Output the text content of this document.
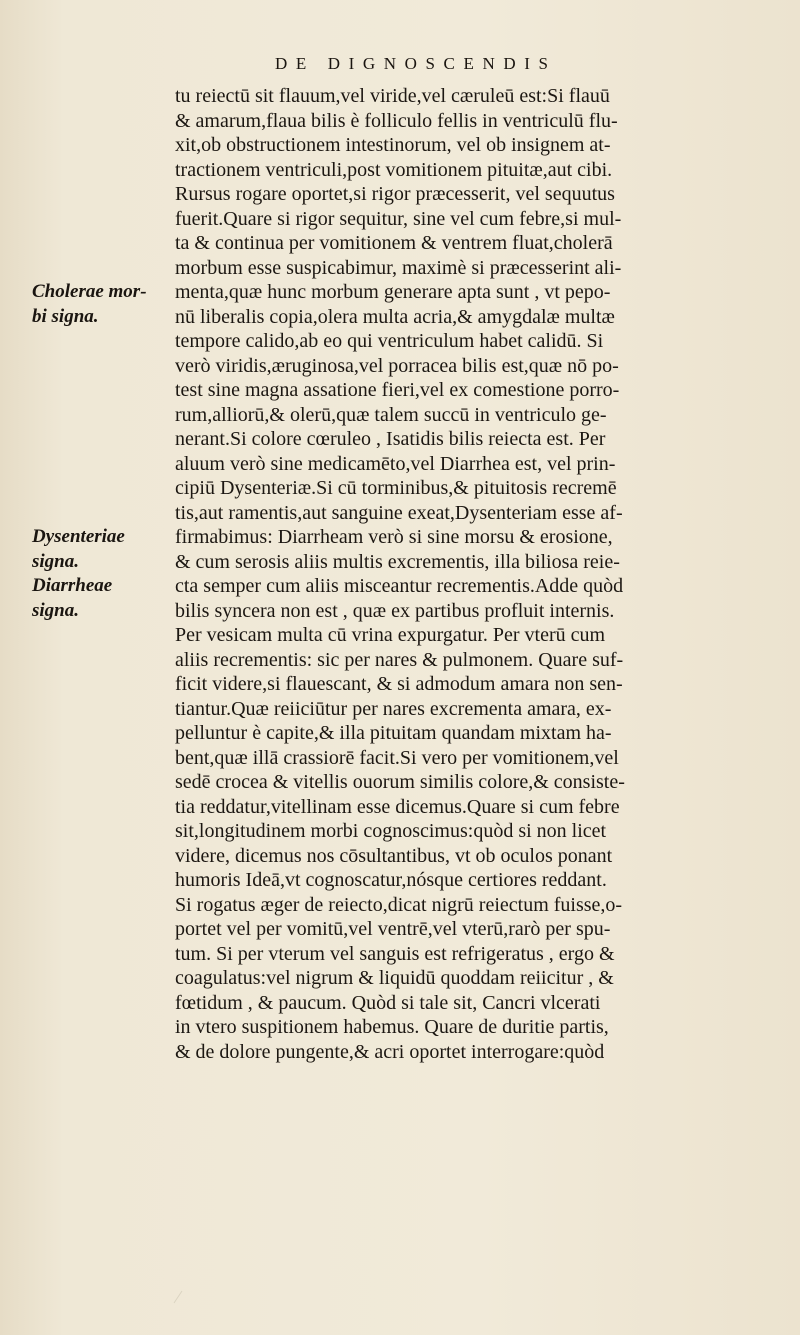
DE DIGNOSCENDIS
Cholerae mor-
bi signa.
Dysenteriae
signa.
Diarrheae
signa.
tu reiectū sit flauum,vel viride,vel cæruleū est:Si flauū
& amarum,flaua bilis è folliculo fellis in ventriculū flu-
xit,ob obstructionem intestinorum, vel ob insignem at-
tractionem ventriculi,post vomitionem pituitæ,aut cibi.
Rursus rogare oportet,si rigor præcesserit, vel sequutus
fuerit.Quare si rigor sequitur, sine vel cum febre,si mul-
ta & continua per vomitionem & ventrem fluat,cholerā
morbum esse suspicabimur, maximè si præcesserint ali-
menta,quæ hunc morbum generare apta sunt , vt pepo-
nū liberalis copia,olera multa acria,& amygdalæ multæ
tempore calido,ab eo qui ventriculum habet calidū. Si
verò viridis,æruginosa,vel porracea bilis est,quæ nō po-
test sine magna assatione fieri,vel ex comestione porro-
rum,alliorū,& olerū,quæ talem succū in ventriculo ge-
nerant.Si colore cœruleo , Isatidis bilis reiecta est. Per
aluum verò sine medicamēto,vel Diarrhea est, vel prin-
cipiū Dysenteriæ.Si cū torminibus,& pituitosis recremē
tis,aut ramentis,aut sanguine exeat,Dysenteriam esse af-
firmabimus: Diarrheam verò si sine morsu & erosione,
& cum serosis aliis multis excrementis, illa biliosa reie-
cta semper cum aliis misceantur recrementis.Adde quòd
bilis syncera non est , quæ ex partibus profluit internis.
Per vesicam multa cū vrina expurgatur. Per vterū cum
aliis recrementis: sic per nares & pulmonem. Quare suf-
ficit videre,si flauescant, & si admodum amara non sen-
tiantur.Quæ reiiciūtur per nares excrementa amara, ex-
pelluntur è capite,& illa pituitam quandam mixtam ha-
bent,quæ illā crassiorē facit.Si vero per vomitionem,vel
sedē crocea & vitellis ouorum similis colore,& consiste-
tia reddatur,vitellinam esse dicemus.Quare si cum febre
sit,longitudinem morbi cognoscimus:quòd si non licet
videre, dicemus nos cōsultantibus, vt ob oculos ponant
humoris Ideā,vt cognoscatur,nósque certiores reddant.
Si rogatus æger de reiecto,dicat nigrū reiectum fuisse,o-
portet vel per vomitū,vel ventrē,vel vterū,rarò per spu-
tum. Si per vterum vel sanguis est refrigeratus , ergo &
coagulatus:vel nigrum & liquidū quoddam reiicitur , &
fœtidum , & paucum. Quòd si tale sit, Cancri vlcerati
in vtero suspitionem habemus. Quare de duritie partis,
& de dolore pungente,& acri oportet interrogare:quòd
